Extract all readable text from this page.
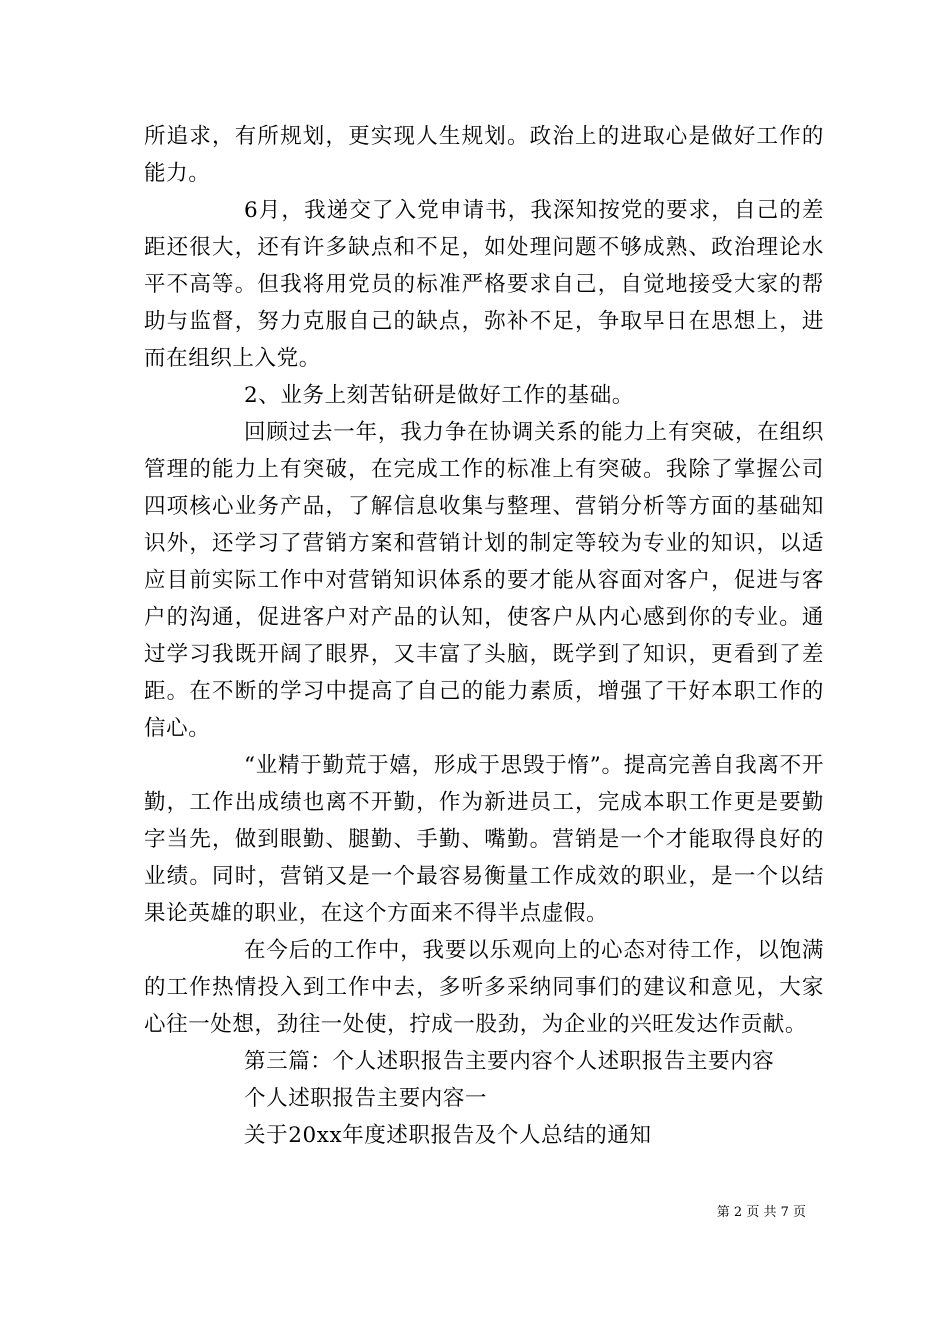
所追求，有所规划，更实现人生规划。政治上的进取心是做好工作的能力。

6月，我递交了入党申请书，我深知按党的要求，自己的差距还很大，还有许多缺点和不足，如处理问题不够成熟、政治理论水平不高等。但我将用党员的标准严格要求自己，自觉地接受大家的帮助与监督，努力克服自己的缺点，弥补不足，争取早日在思想上，进而在组织上入党。

2、业务上刻苦钻研是做好工作的基础。

回顾过去一年，我力争在协调关系的能力上有突破，在组织管理的能力上有突破，在完成工作的标准上有突破。我除了掌握公司四项核心业务产品，了解信息收集与整理、营销分析等方面的基础知识外，还学习了营销方案和营销计划的制定等较为专业的知识，以适应目前实际工作中对营销知识体系的要才能从容面对客户，促进与客户的沟通，促进客户对产品的认知，使客户从内心感到你的专业。通过学习我既开阔了眼界，又丰富了头脑，既学到了知识，更看到了差距。在不断的学习中提高了自己的能力素质，增强了干好本职工作的信心。

“业精于勤荒于嬉，形成于思毁于惰”。提高完善自我离不开勤，工作出成绩也离不开勤，作为新进员工，完成本职工作更是要勤字当先，做到眼勤、腿勤、手勤、嘴勤。营销是一个才能取得良好的业绩。同时，营销又是一个最容易衡量工作成效的职业，是一个以结果论英雄的职业，在这个方面来不得半点虚假。

在今后的工作中，我要以乐观向上的心态对待工作，以饱满的工作热情投入到工作中去，多听多采纳同事们的建议和意见，大家心往一处想，劲往一处使，拧成一股劲，为企业的兴旺发达作贡献。

第三篇：个人述职报告主要内容个人述职报告主要内容

个人述职报告主要内容一

关于20xx年度述职报告及个人总结的通知

第 2 页 共 7 页
